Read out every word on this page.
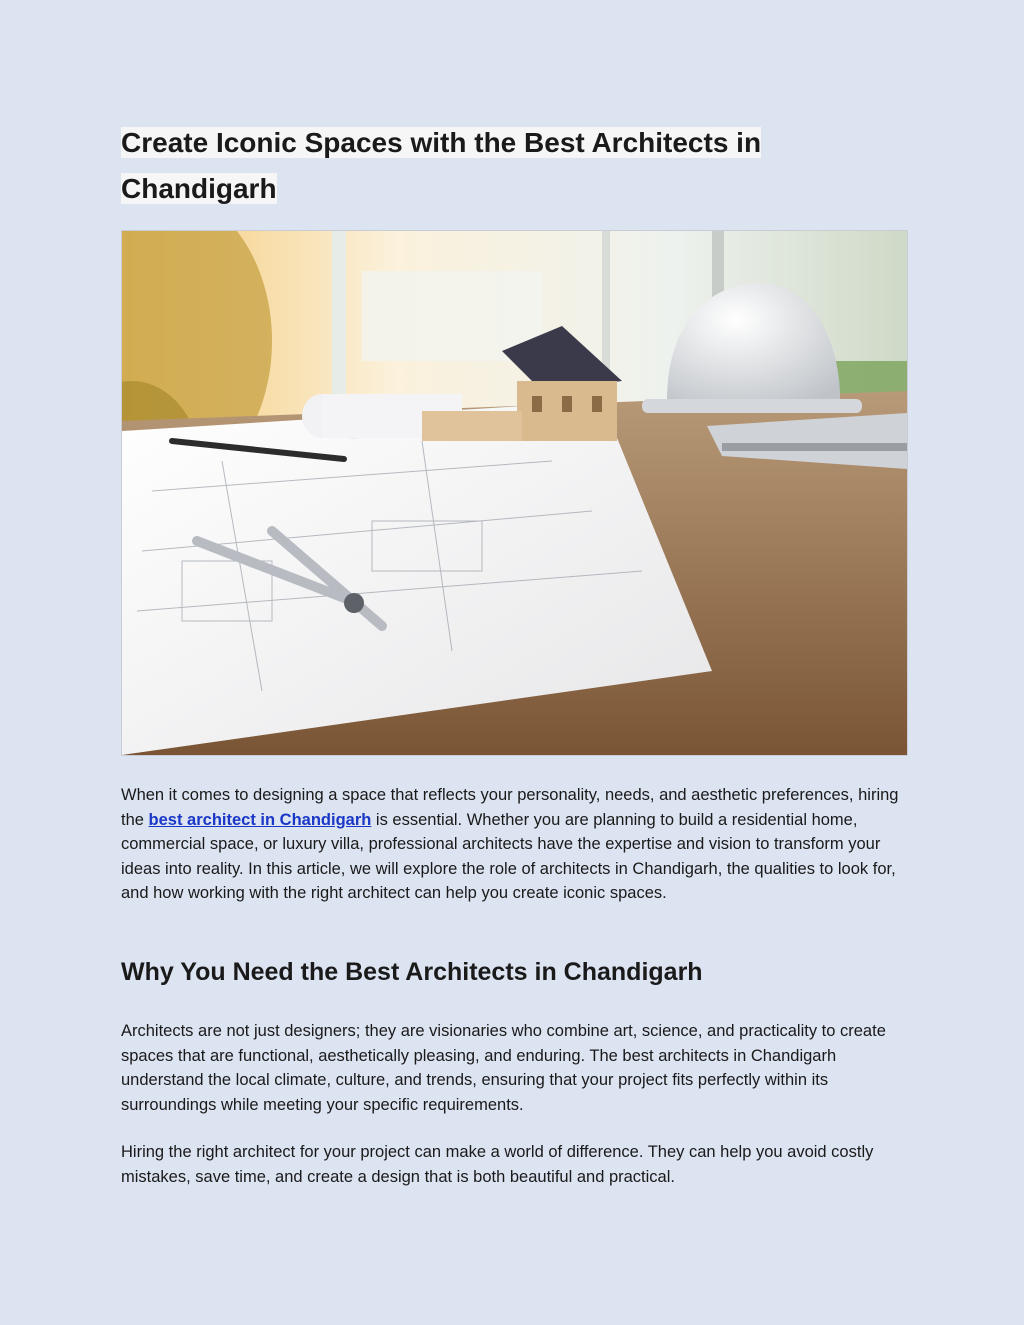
Create Iconic Spaces with the Best Architects in Chandigarh

When it comes to designing a space that reflects your personality, needs, and aesthetic preferences, hiring the best architect in Chandigarh is essential. Whether you are planning to build a residential home, commercial space, or luxury villa, professional architects have the expertise and vision to transform your ideas into reality. In this article, we will explore the role of architects in Chandigarh, the qualities to look for, and how working with the right architect can help you create iconic spaces.

Why You Need the Best Architects in Chandigarh

Architects are not just designers; they are visionaries who combine art, science, and practicality to create spaces that are functional, aesthetically pleasing, and enduring. The best architects in Chandigarh understand the local climate, culture, and trends, ensuring that your project fits perfectly within its surroundings while meeting your specific requirements.

Hiring the right architect for your project can make a world of difference. They can help you avoid costly mistakes, save time, and create a design that is both beautiful and practical.
